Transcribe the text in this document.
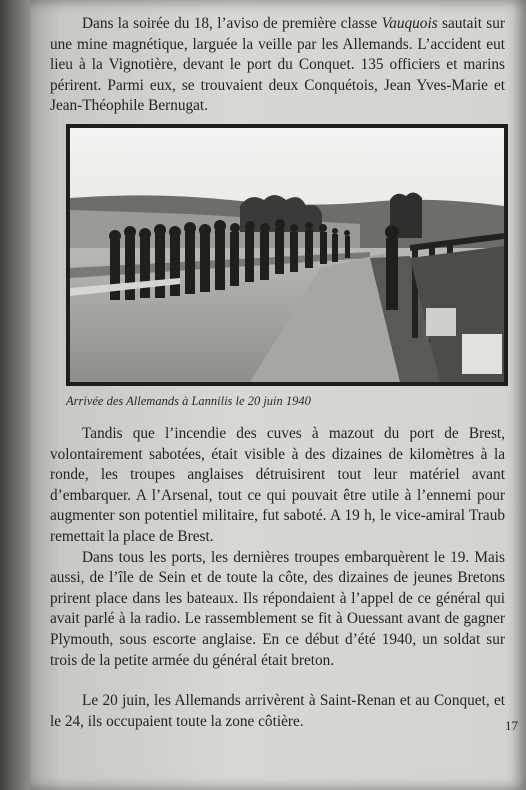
Dans la soirée du 18, l’aviso de première classe Vauquois sautait sur une mine magnétique, larguée la veille par les Allemands. L’accident eut lieu à la Vignotière, devant le port du Conquet. 135 officiers et marins périrent. Parmi eux, se trouvaient deux Conquétois, Jean Yves-Marie et Jean-Théophile Bernugat.

Arrivée des Allemands à Lannilis le 20 juin 1940

Tandis que l’incendie des cuves à mazout du port de Brest, volontairement sabotées, était visible à des dizaines de kilomètres à la ronde, les troupes anglaises détruisirent tout leur matériel avant d’embarquer. A l’Arsenal, tout ce qui pouvait être utile à l’ennemi pour augmenter son potentiel militaire, fut saboté. A 19 h, le vice-amiral Traub remettait la place de Brest.

Dans tous les ports, les dernières troupes embarquèrent le 19. Mais aussi, de l’île de Sein et de toute la côte, des dizaines de jeunes Bretons prirent place dans les bateaux. Ils répondaient à l’appel de ce général qui avait parlé à la radio. Le rassemblement se fit à Ouessant avant de gagner Plymouth, sous escorte anglaise. En ce début d’été 1940, un soldat sur trois de la petite armée du général était breton.

Le 20 juin, les Allemands arrivèrent à Saint-Renan et au Conquet, et le 24, ils occupaient toute la zone côtière.	17
